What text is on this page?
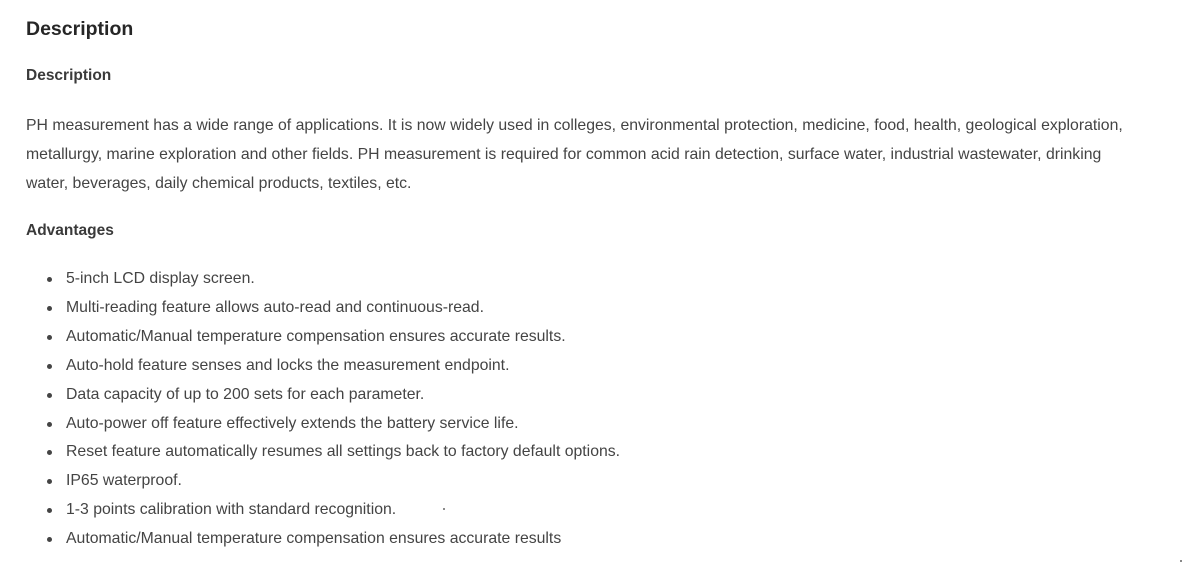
Description
Description

PH measurement has a wide range of applications. It is now widely used in colleges, environmental protection, medicine, food, health, geological exploration, metallurgy, marine exploration and other fields. PH measurement is required for common acid rain detection, surface water, industrial wastewater, drinking water, beverages, daily chemical products, textiles, etc.

Advantages
5-inch LCD display screen.
Multi-reading feature allows auto-read and continuous-read.
Automatic/Manual temperature compensation ensures accurate results.
Auto-hold feature senses and locks the measurement endpoint.
Data capacity of up to 200 sets for each parameter.
Auto-power off feature effectively extends the battery service life.
Reset feature automatically resumes all settings back to factory default options.
IP65 waterproof.
1-3 points calibration with standard recognition.
Automatic/Manual temperature compensation ensures accurate results
